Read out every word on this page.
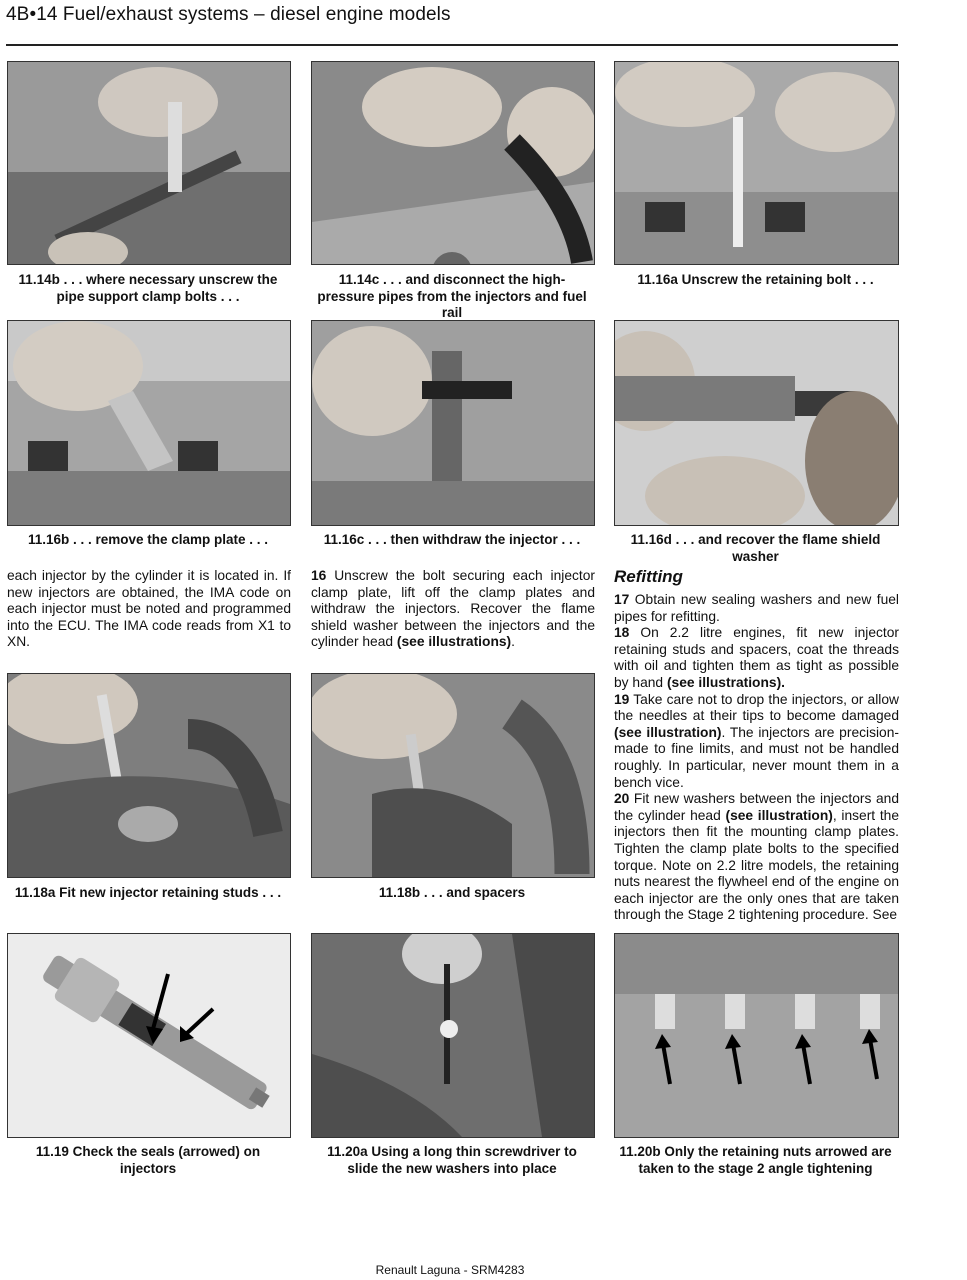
4B•14 Fuel/exhaust systems – diesel engine models
11.14b . . . where necessary unscrew the pipe support clamp bolts . . .
11.14c . . . and disconnect the high-pressure pipes from the injectors and fuel rail
11.16a Unscrew the retaining bolt . . .
11.16b . . . remove the clamp plate . . .	11.16c . . . then withdraw the injector . . .	11.16d . . . and recover the flame shield washer

each injector by the cylinder it is located in. If new injectors are obtained, the IMA code on each injector must be noted and programmed into the ECU. The IMA code reads from X1 to XN.

16 Unscrew the bolt securing each injector clamp plate, lift off the clamp plates and withdraw the injectors. Recover the flame shield washer between the injectors and the cylinder head (see illustrations).

Refitting

17 Obtain new sealing washers and new fuel pipes for refitting.

18 On 2.2 litre engines, fit new injector retaining studs and spacers, coat the threads with oil and tighten them as tight as possible by hand (see illustrations).

19 Take care not to drop the injectors, or allow the needles at their tips to become damaged (see illustration). The injectors are precision-made to fine limits, and must not be handled roughly. In particular, never mount them in a bench vice.

20 Fit new washers between the injectors and the cylinder head (see illustration), insert the injectors then fit the mounting clamp plates. Tighten the clamp plate bolts to the specified torque. Note on 2.2 litre models, the retaining nuts nearest the flywheel end of the engine on each injector are the only ones that are taken through the Stage 2 tightening procedure. See

11.18a Fit new injector retaining studs . . .	11.18b . . . and spacers
11.19 Check the seals (arrowed) on injectors
11.20a Using a long thin screwdriver to slide the new washers into place
11.20b Only the retaining nuts arrowed are taken to the stage 2 angle tightening
Renault Laguna - SRM4283
